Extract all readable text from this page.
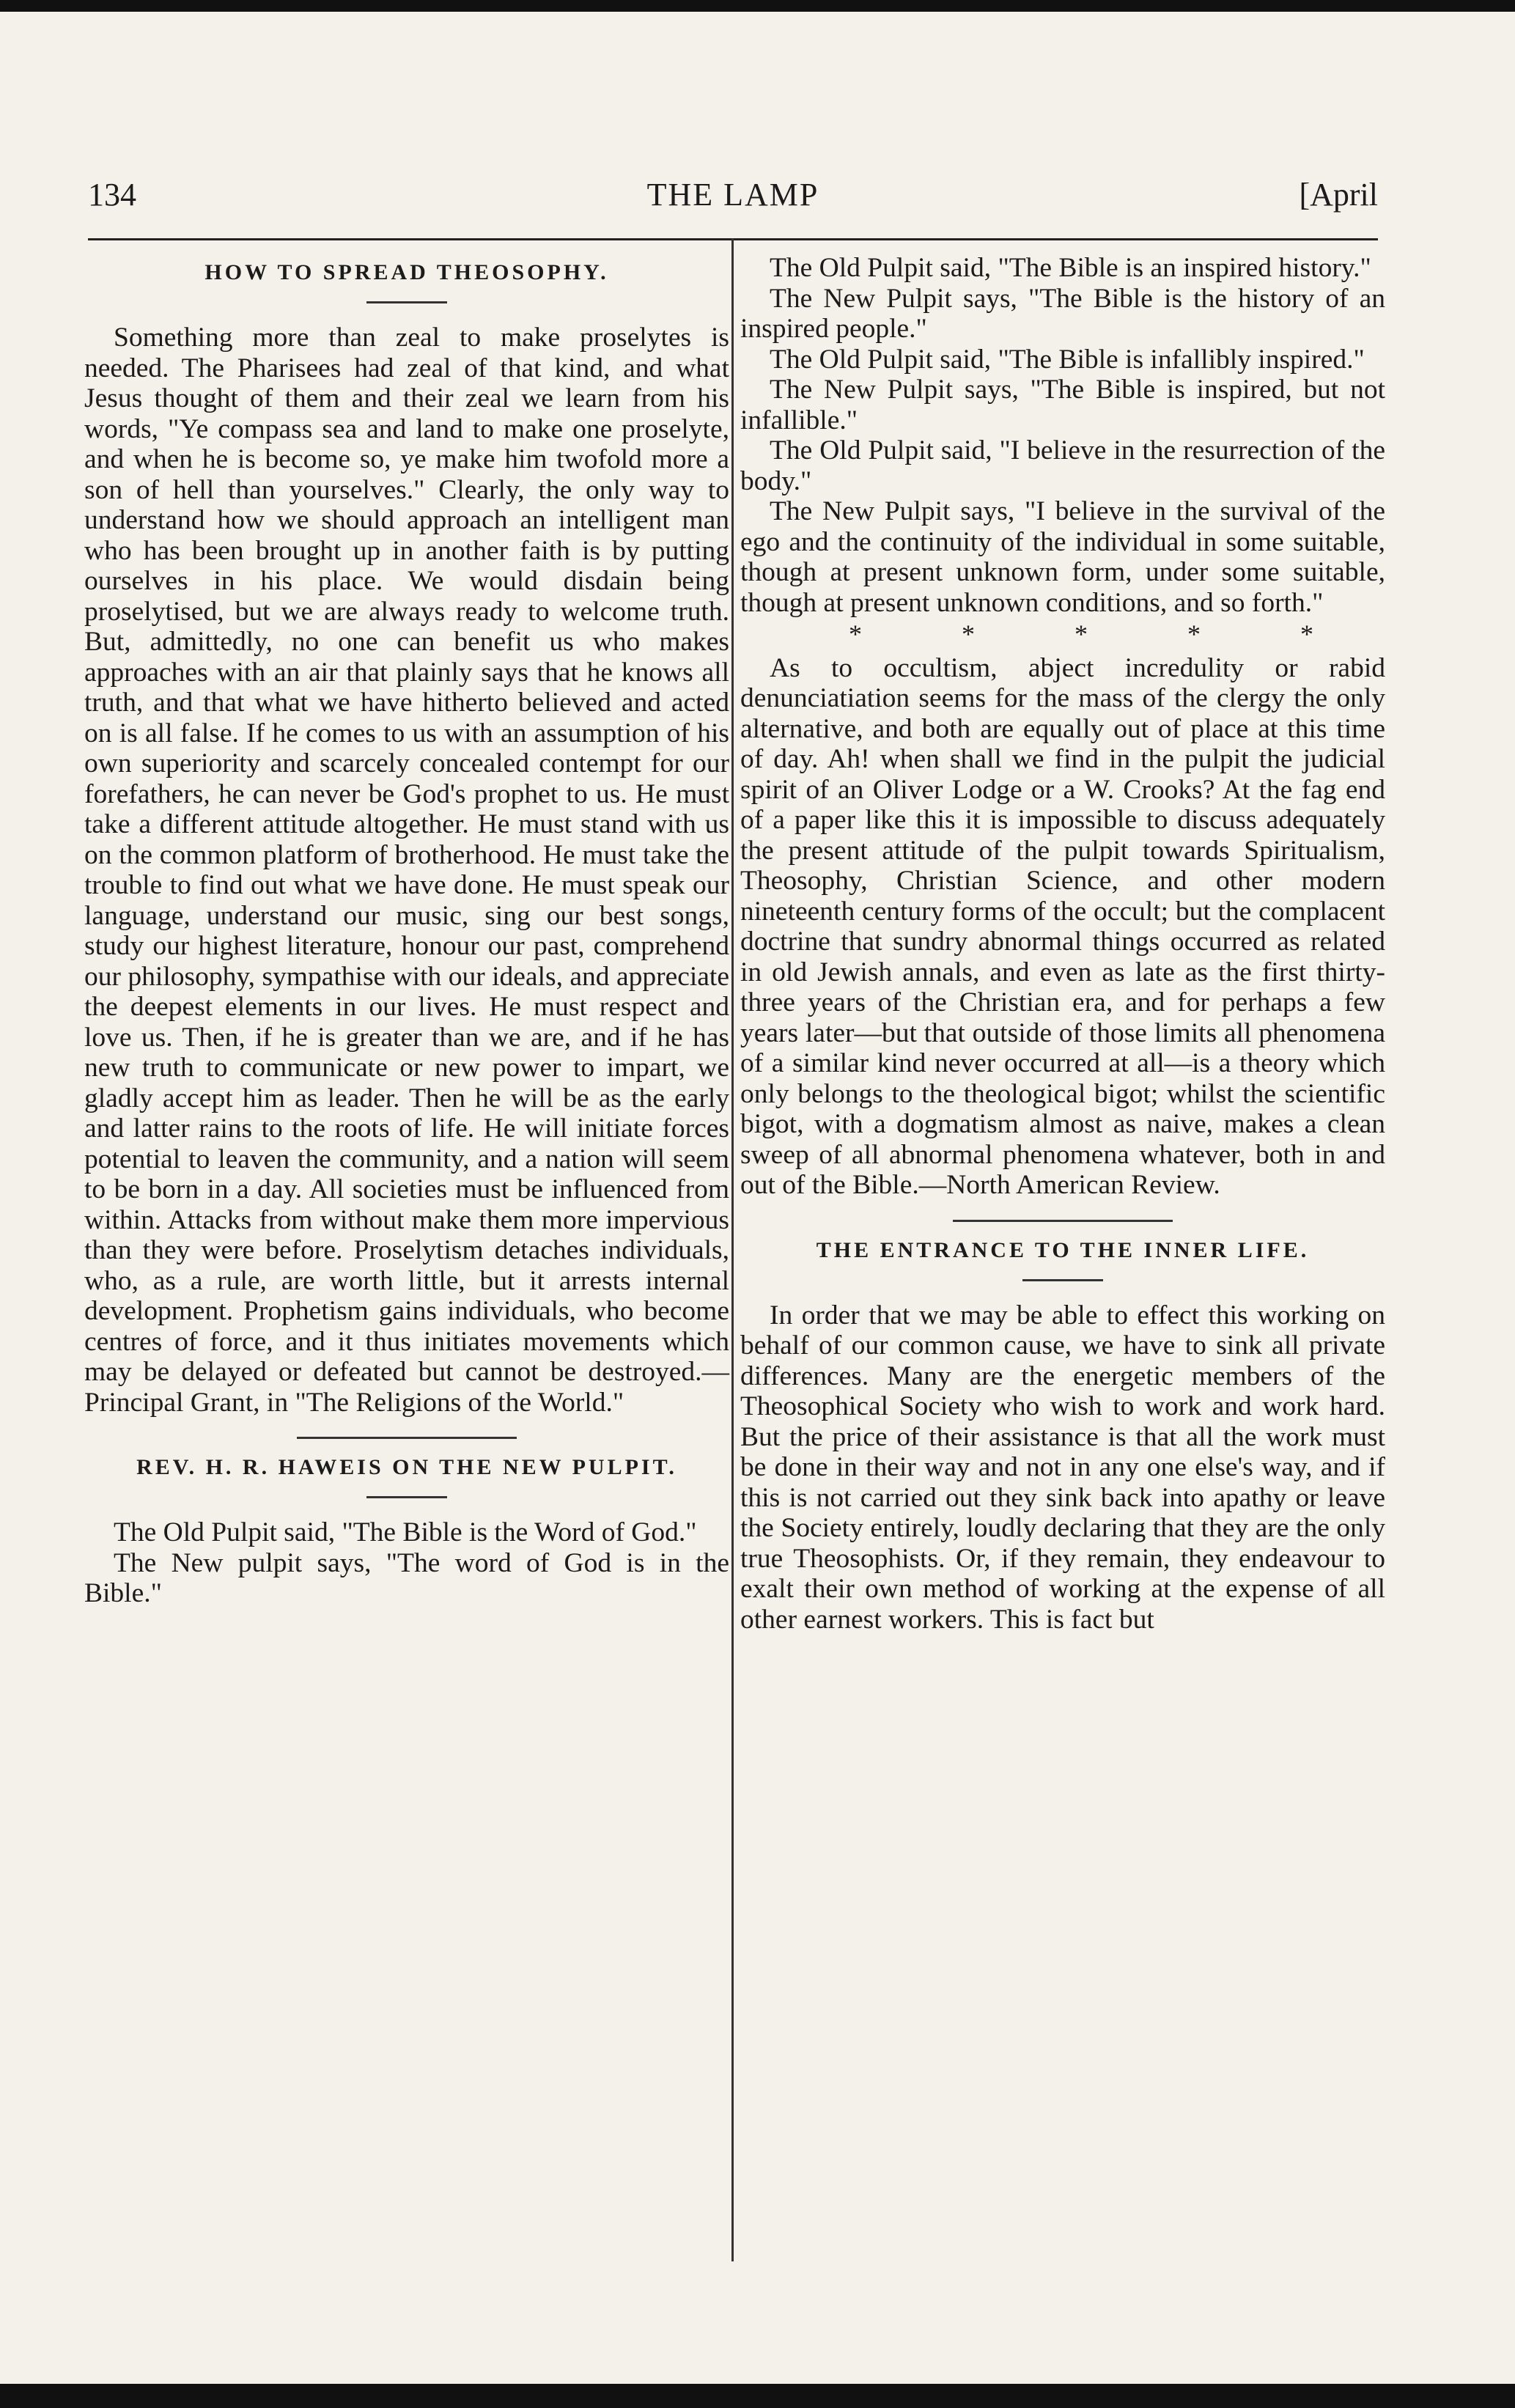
134	THE LAMP	[April
HOW TO SPREAD THEOSOPHY.

Something more than zeal to make proselytes is needed. The Pharisees had zeal of that kind, and what Jesus thought of them and their zeal we learn from his words, "Ye compass sea and land to make one proselyte, and when he is become so, ye make him twofold more a son of hell than yourselves." Clearly, the only way to understand how we should approach an intelligent man who has been brought up in another faith is by putting ourselves in his place. We would disdain being proselytised, but we are always ready to welcome truth. But, admittedly, no one can benefit us who makes approaches with an air that plainly says that he knows all truth, and that what we have hitherto believed and acted on is all false. If he comes to us with an assumption of his own superiority and scarcely concealed contempt for our forefathers, he can never be God's prophet to us. He must take a different attitude altogether. He must stand with us on the common platform of brotherhood. He must take the trouble to find out what we have done. He must speak our language, understand our music, sing our best songs, study our highest literature, honour our past, comprehend our philosophy, sympathise with our ideals, and appreciate the deepest elements in our lives. He must respect and love us. Then, if he is greater than we are, and if he has new truth to communicate or new power to impart, we gladly accept him as leader. Then he will be as the early and latter rains to the roots of life. He will initiate forces potential to leaven the community, and a nation will seem to be born in a day. All societies must be influenced from within. Attacks from without make them more impervious than they were before. Proselytism detaches individuals, who, as a rule, are worth little, but it arrests internal development. Prophetism gains individuals, who become centres of force, and it thus initiates movements which may be delayed or defeated but cannot be destroyed.—Principal Grant, in "The Religions of the World."

REV. H. R. HAWEIS ON THE NEW PULPIT.

The Old Pulpit said, "The Bible is the Word of God."

The New pulpit says, "The word of God is in the Bible."

The Old Pulpit said, "The Bible is an inspired history."

The New Pulpit says, "The Bible is the history of an inspired people."

The Old Pulpit said, "The Bible is infallibly inspired."

The New Pulpit says, "The Bible is inspired, but not infallible."

The Old Pulpit said, "I believe in the resurrection of the body."

The New Pulpit says, "I believe in the survival of the ego and the continuity of the individual in some suitable, though at present unknown form, under some suitable, though at present unknown conditions, and so forth."

*	*	*	*	*

As to occultism, abject incredulity or rabid denunciatiation seems for the mass of the clergy the only alternative, and both are equally out of place at this time of day. Ah! when shall we find in the pulpit the judicial spirit of an Oliver Lodge or a W. Crooks? At the fag end of a paper like this it is impossible to discuss adequately the present attitude of the pulpit towards Spiritualism, Theosophy, Christian Science, and other modern nineteenth century forms of the occult; but the complacent doctrine that sundry abnormal things occurred as related in old Jewish annals, and even as late as the first thirty-three years of the Christian era, and for perhaps a few years later—but that outside of those limits all phenomena of a similar kind never occurred at all—is a theory which only belongs to the theological bigot; whilst the scientific bigot, with a dogmatism almost as naive, makes a clean sweep of all abnormal phenomena whatever, both in and out of the Bible.—North American Review.

THE ENTRANCE TO THE INNER LIFE.

In order that we may be able to effect this working on behalf of our common cause, we have to sink all private differences. Many are the energetic members of the Theosophical Society who wish to work and work hard. But the price of their assistance is that all the work must be done in their way and not in any one else's way, and if this is not carried out they sink back into apathy or leave the Society entirely, loudly declaring that they are the only true Theosophists. Or, if they remain, they endeavour to exalt their own method of working at the expense of all other earnest workers. This is fact but
